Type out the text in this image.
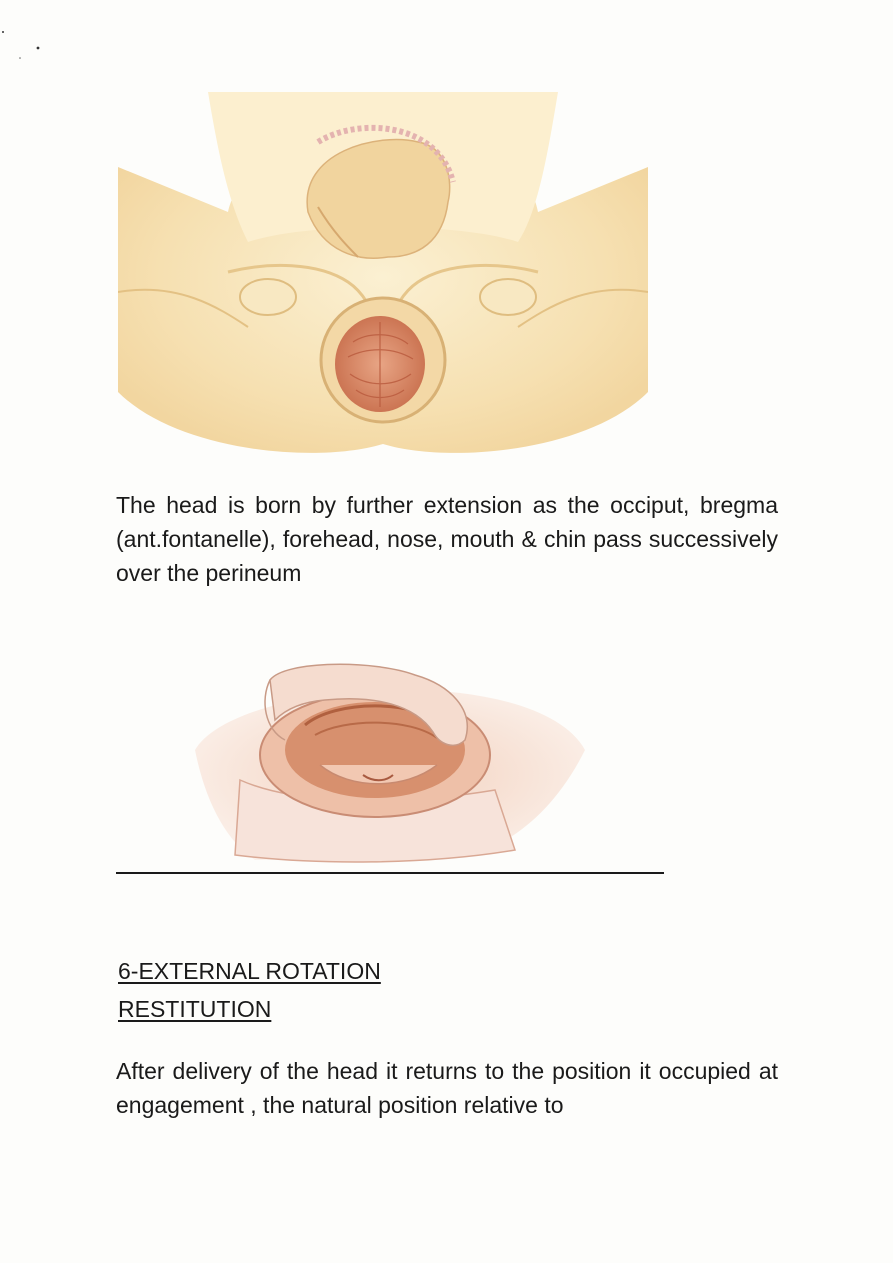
The head is born by further extension as the occiput, bregma (ant.fontanelle), forehead, nose, mouth & chin pass successively over the perineum

6-EXTERNAL ROTATION
RESTITUTION

After delivery of the head it returns to the position it occupied at engagement , the natural position relative to
